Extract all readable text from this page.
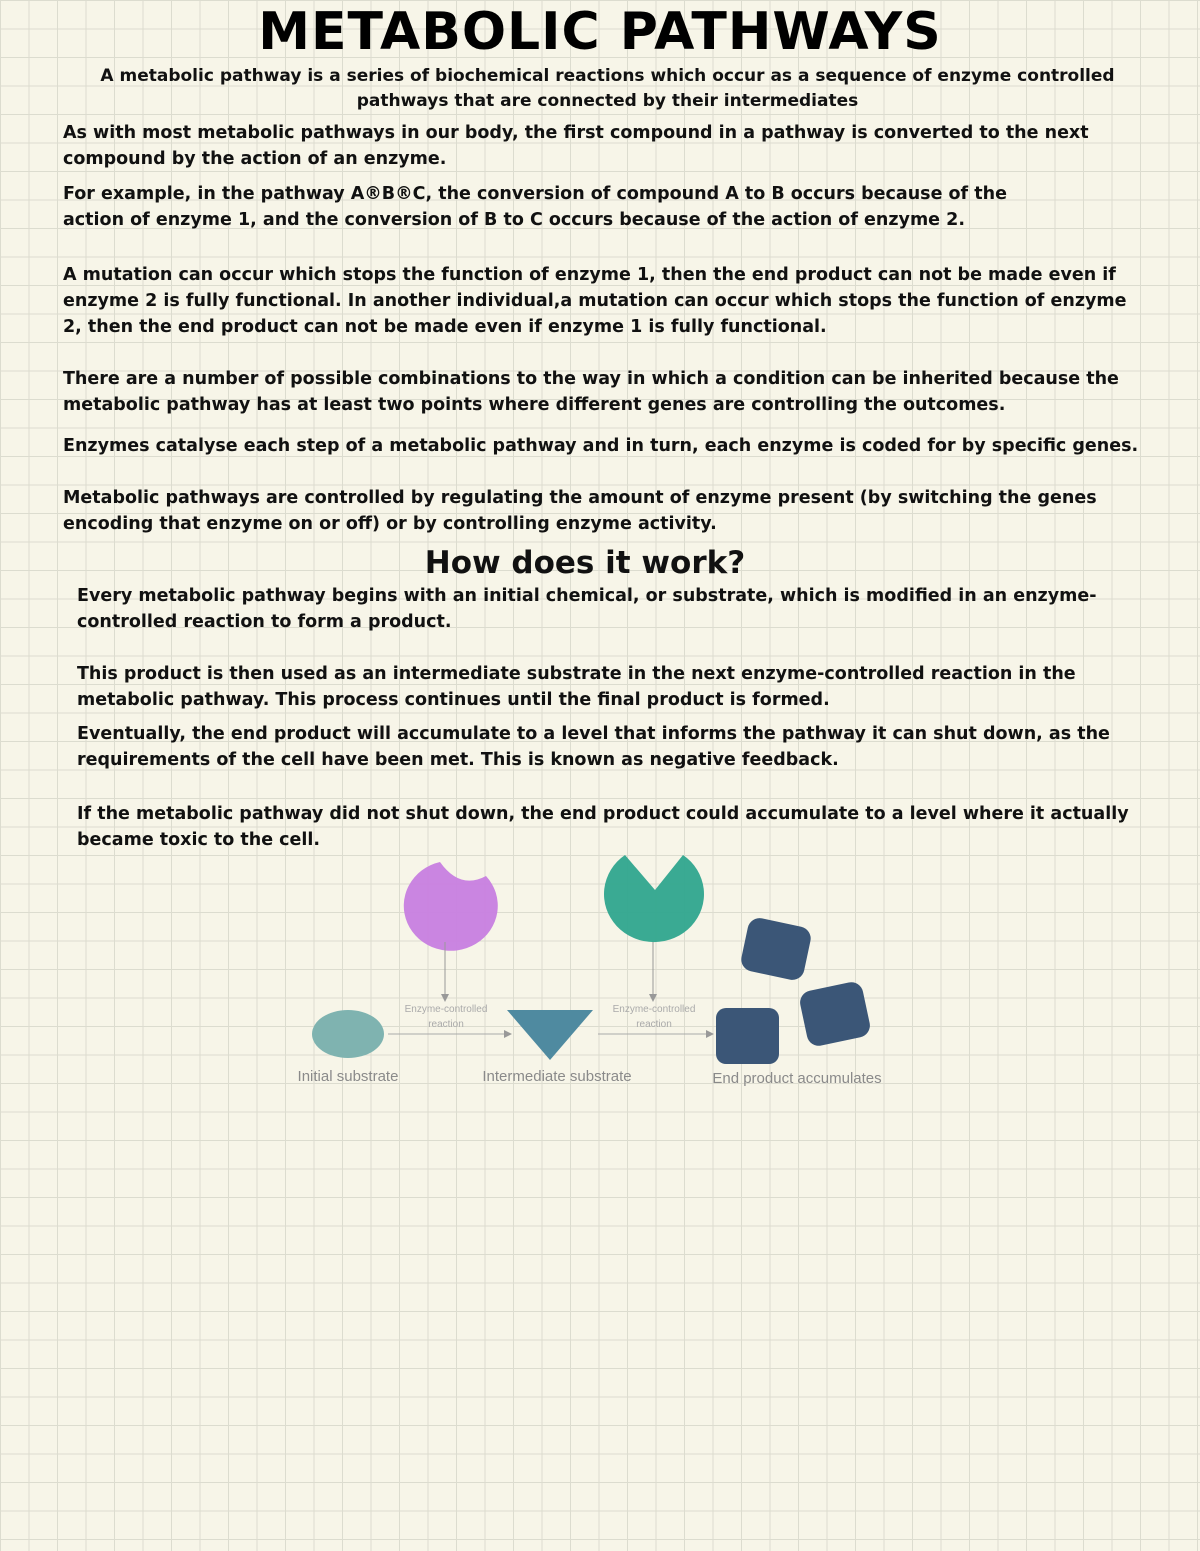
METABOLIC PATHWAYS
A metabolic pathway is a series of biochemical reactions which occur as a sequence of enzyme controlled pathways that are connected by their intermediates
As with most metabolic pathways in our body, the first compound in a pathway is converted to the next compound by the action of an enzyme.
For example, in the pathway A®B®C, the conversion of compound A to B occurs because of the action of enzyme 1, and the conversion of B to C occurs because of the action of enzyme 2.
A mutation can occur which stops the function of enzyme 1, then the end product can not be made even if enzyme 2 is fully functional. In another individual,a mutation can occur which stops the function of enzyme 2, then the end product can not be made even if enzyme 1 is fully functional.
There are a number of possible combinations to the way in which a condition can be inherited because the metabolic pathway has at least two points where different genes are controlling the outcomes.
Enzymes catalyse each step of a metabolic pathway and in turn, each enzyme is coded for by specific genes.
Metabolic pathways are controlled by regulating the amount of enzyme present (by switching the genes encoding that enzyme on or off) or by controlling enzyme activity.
How does it work?
Every metabolic pathway begins with an initial chemical, or substrate, which is modified in an enzyme-controlled reaction to form a product.
This product is then used as an intermediate substrate in the next enzyme-controlled reaction in the metabolic pathway. This process continues until the final product is formed.
Eventually, the end product will accumulate to a level that informs the pathway it can shut down, as the requirements of the cell have been met. This is known as negative feedback.
If the metabolic pathway did not shut down, the end product could accumulate to a level where it actually became toxic to the cell.
Enzyme-controlled
reaction
Enzyme-controlled
reaction
Initial substrate	Intermediate substrate	End product accumulates
